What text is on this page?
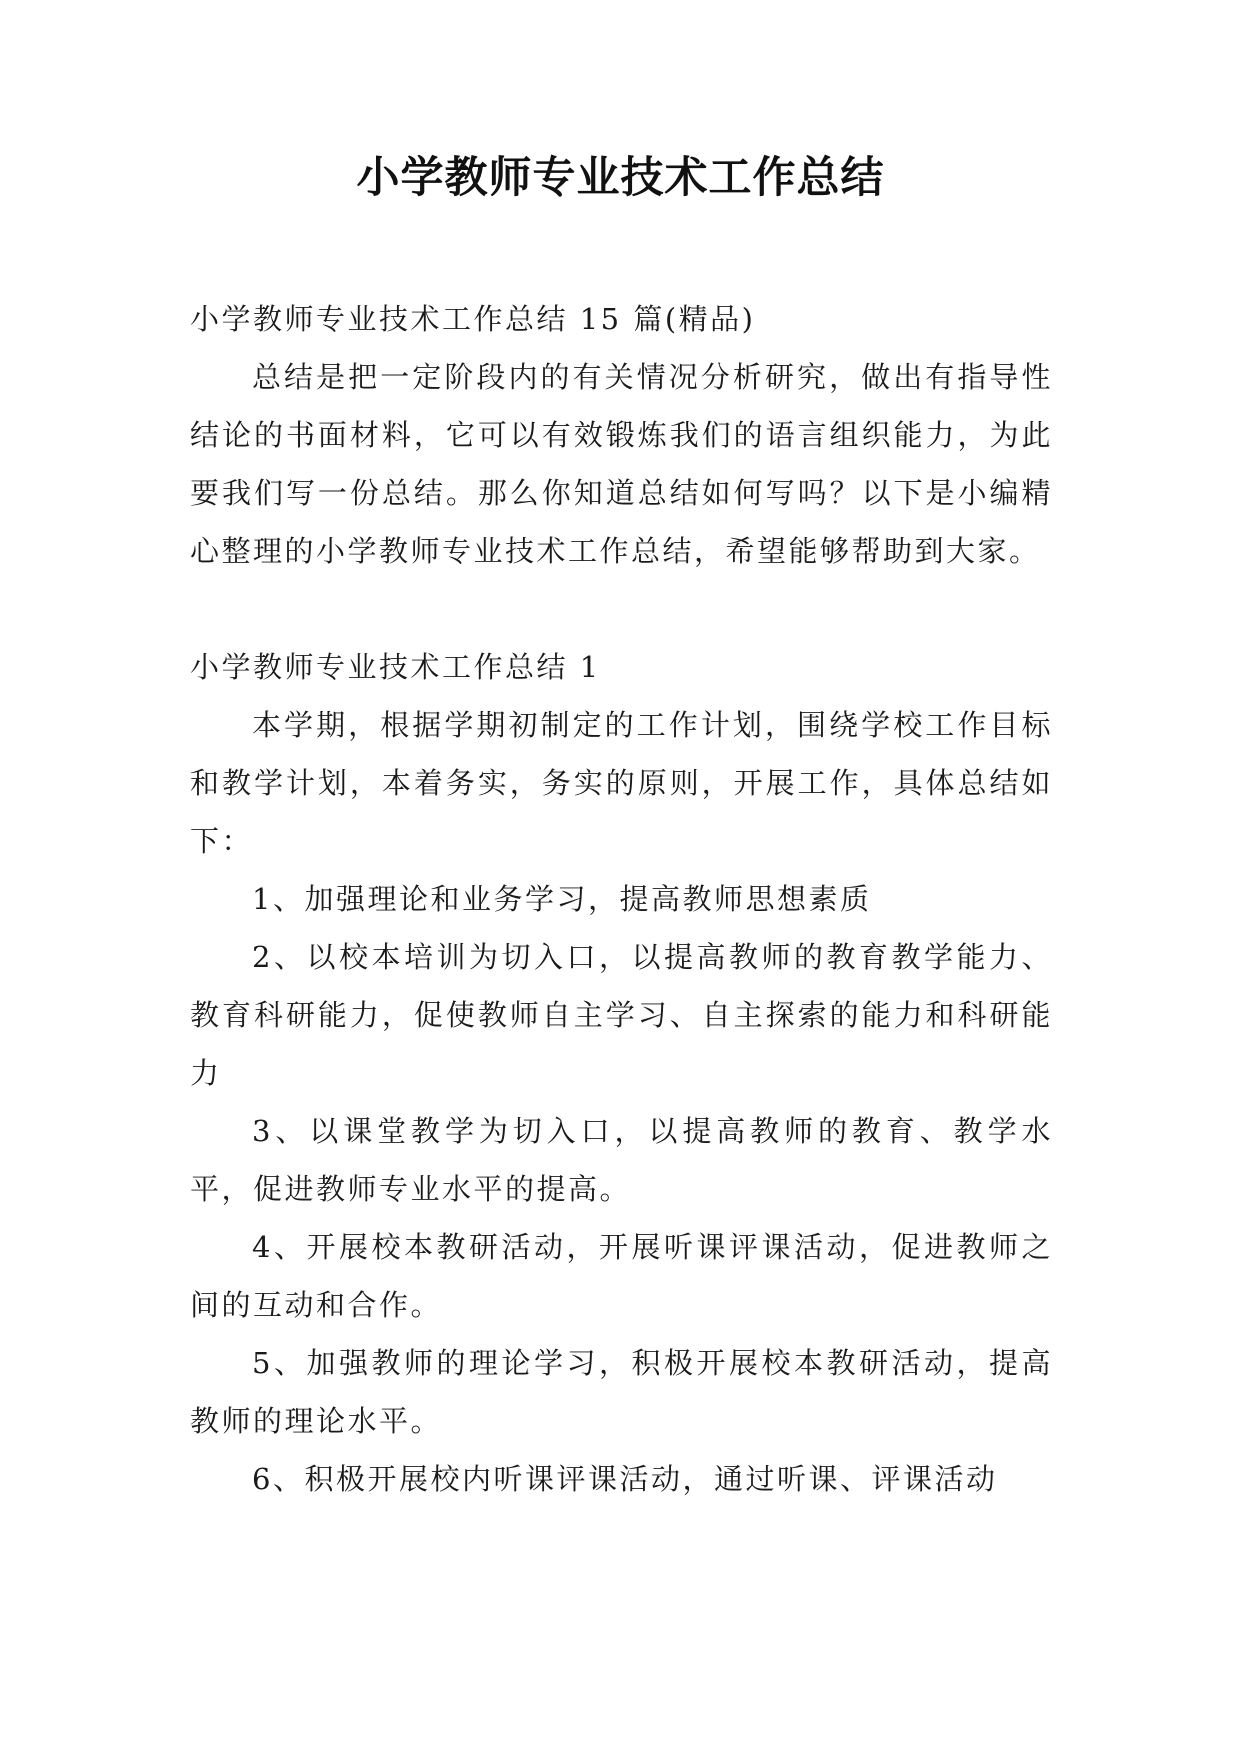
小学教师专业技术工作总结

小学教师专业技术工作总结 15 篇(精品)

总结是把一定阶段内的有关情况分析研究，做出有指导性结论的书面材料，它可以有效锻炼我们的语言组织能力，为此要我们写一份总结。那么你知道总结如何写吗？以下是小编精心整理的小学教师专业技术工作总结，希望能够帮助到大家。

小学教师专业技术工作总结 1

本学期，根据学期初制定的工作计划，围绕学校工作目标和教学计划，本着务实，务实的原则，开展工作，具体总结如下：

1、加强理论和业务学习，提高教师思想素质

2、以校本培训为切入口，以提高教师的教育教学能力、教育科研能力，促使教师自主学习、自主探索的能力和科研能力

3、以课堂教学为切入口，以提高教师的教育、教学水平，促进教师专业水平的提高。

4、开展校本教研活动，开展听课评课活动，促进教师之间的互动和合作。

5、加强教师的理论学习，积极开展校本教研活动，提高教师的理论水平。

6、积极开展校内听课评课活动，通过听课、评课活动
